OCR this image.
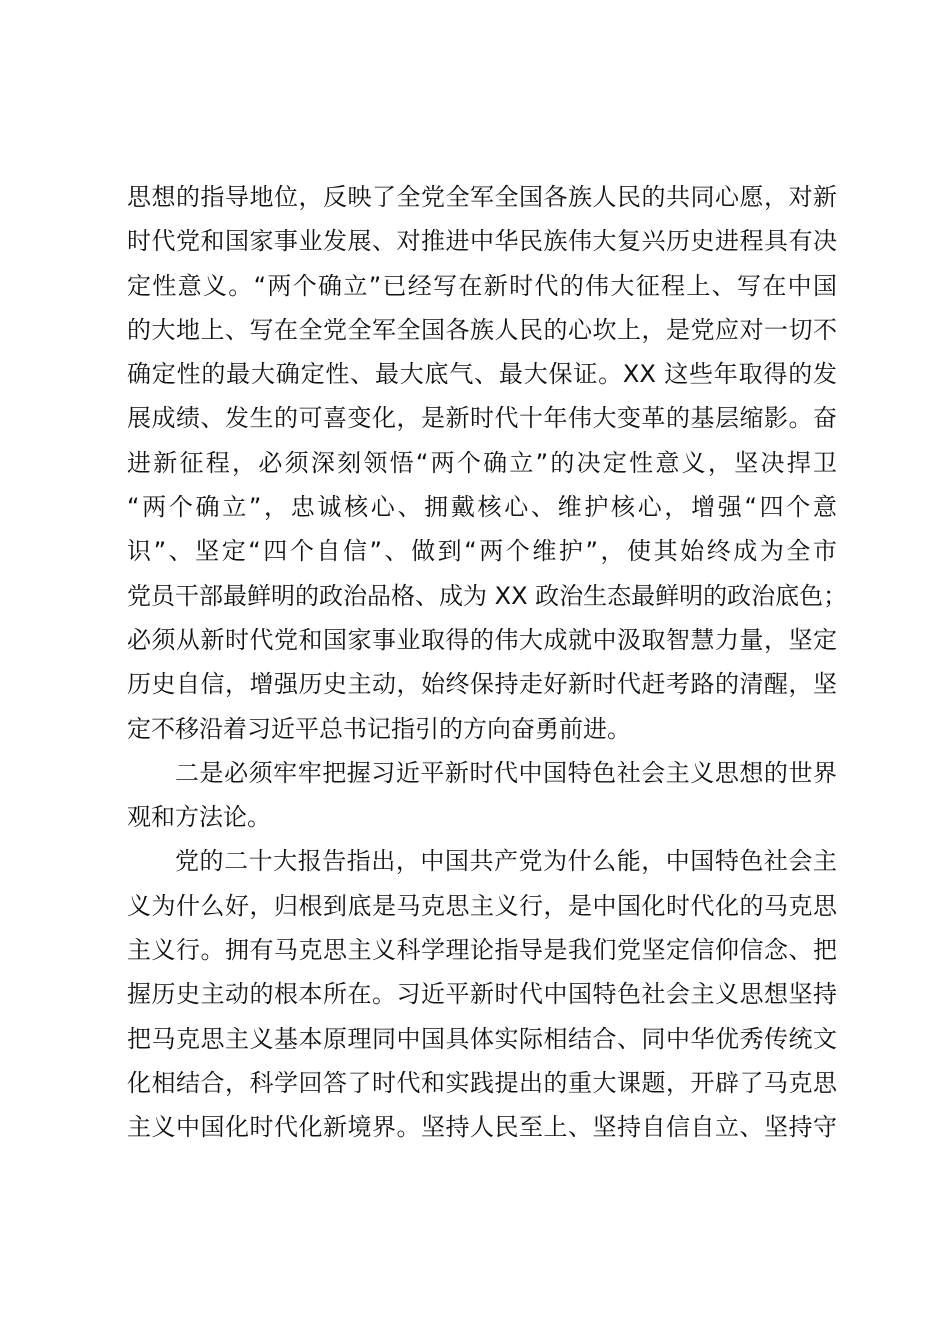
思想的指导地位，反映了全党全军全国各族人民的共同心愿，对新
时代党和国家事业发展、对推进中华民族伟大复兴历史进程具有决
定性意义。“两个确立”已经写在新时代的伟大征程上、写在中国
的大地上、写在全党全军全国各族人民的心坎上，是党应对一切不
确定性的最大确定性、最大底气、最大保证。XX 这些年取得的发
展成绩、发生的可喜变化，是新时代十年伟大变革的基层缩影。奋
进新征程，必须深刻领悟“两个确立”的决定性意义，坚决捍卫
“两个确立”，忠诚核心、拥戴核心、维护核心，增强“四个意
识”、坚定“四个自信”、做到“两个维护”，使其始终成为全市
党员干部最鲜明的政治品格、成为 XX 政治生态最鲜明的政治底色；
必须从新时代党和国家事业取得的伟大成就中汲取智慧力量，坚定
历史自信，增强历史主动，始终保持走好新时代赶考路的清醒，坚
定不移沿着习近平总书记指引的方向奋勇前进。
二是必须牢牢把握习近平新时代中国特色社会主义思想的世界
观和方法论。
党的二十大报告指出，中国共产党为什么能，中国特色社会主
义为什么好，归根到底是马克思主义行，是中国化时代化的马克思
主义行。拥有马克思主义科学理论指导是我们党坚定信仰信念、把
握历史主动的根本所在。习近平新时代中国特色社会主义思想坚持
把马克思主义基本原理同中国具体实际相结合、同中华优秀传统文
化相结合，科学回答了时代和实践提出的重大课题，开辟了马克思
主义中国化时代化新境界。坚持人民至上、坚持自信自立、坚持守
